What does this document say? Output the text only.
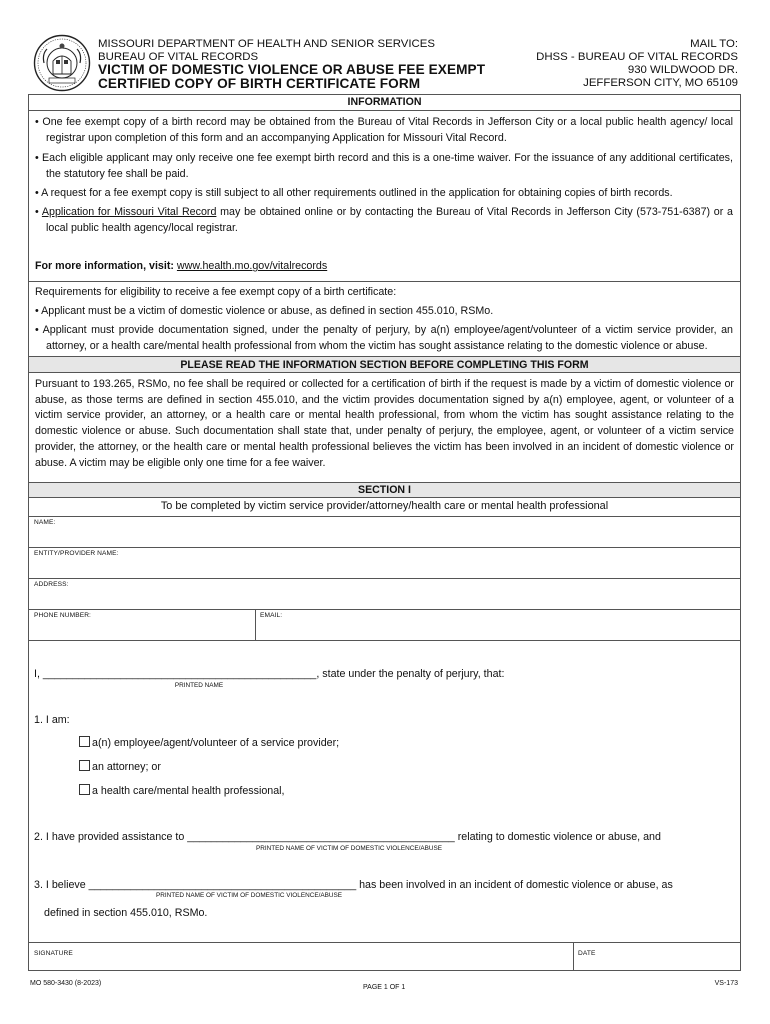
MISSOURI DEPARTMENT OF HEALTH AND SENIOR SERVICES
BUREAU OF VITAL RECORDS
VICTIM OF DOMESTIC VIOLENCE OR ABUSE FEE EXEMPT
CERTIFIED COPY OF BIRTH CERTIFICATE FORM
MAIL TO:
DHSS - BUREAU OF VITAL RECORDS
930 WILDWOOD DR.
JEFFERSON CITY, MO 65109
INFORMATION
• One fee exempt copy of a birth record may be obtained from the Bureau of Vital Records in Jefferson City or a local public health agency/ local registrar upon completion of this form and an accompanying Application for Missouri Vital Record.
• Each eligible applicant may only receive one fee exempt birth record and this is a one-time waiver. For the issuance of any additional certificates, the statutory fee shall be paid.
• A request for a fee exempt copy is still subject to all other requirements outlined in the application for obtaining copies of birth records.
• Application for Missouri Vital Record may be obtained online or by contacting the Bureau of Vital Records in Jefferson City (573-751-6387) or a local public health agency/local registrar.
For more information, visit: www.health.mo.gov/vitalrecords
Requirements for eligibility to receive a fee exempt copy of a birth certificate:
• Applicant must be a victim of domestic violence or abuse, as defined in section 455.010, RSMo.
• Applicant must provide documentation signed, under the penalty of perjury, by a(n) employee/agent/volunteer of a victim service provider, an attorney, or a health care/mental health professional from whom the victim has sought assistance relating to the domestic violence or abuse.
PLEASE READ THE INFORMATION SECTION BEFORE COMPLETING THIS FORM
Pursuant to 193.265, RSMo, no fee shall be required or collected for a certification of birth if the request is made by a victim of domestic violence or abuse, as those terms are defined in section 455.010, and the victim provides documentation signed by a(n) employee, agent, or volunteer of a victim service provider, an attorney, or a health care or mental health professional, from whom the victim has sought assistance relating to the domestic violence or abuse. Such documentation shall state that, under penalty of perjury, the employee, agent, or volunteer of a victim service provider, the attorney, or the health care or mental health professional believes the victim has been involved in an incident of domestic violence or abuse. A victim may be eligible only one time for a fee waiver.
SECTION I
To be completed by victim service provider/attorney/health care or mental health professional
NAME:
ENTITY/PROVIDER NAME:
ADDRESS:
PHONE NUMBER:	EMAIL:
I, ______________________________________________, state under the penalty of perjury, that:
PRINTED NAME
1. I am:
a(n) employee/agent/volunteer of a service provider;
an attorney; or
a health care/mental health professional,
2. I have provided assistance to _____________________________________________ relating to domestic violence or abuse, and
PRINTED NAME OF VICTIM OF DOMESTIC VIOLENCE/ABUSE
3. I believe _____________________________________________ has been involved in an incident of domestic violence or abuse, as
PRINTED NAME OF VICTIM OF DOMESTIC VIOLENCE/ABUSE
defined in section 455.010, RSMo.
SIGNATURE	DATE
MO 580-3430 (8-2023)
PAGE 1 OF 1
VS-173
